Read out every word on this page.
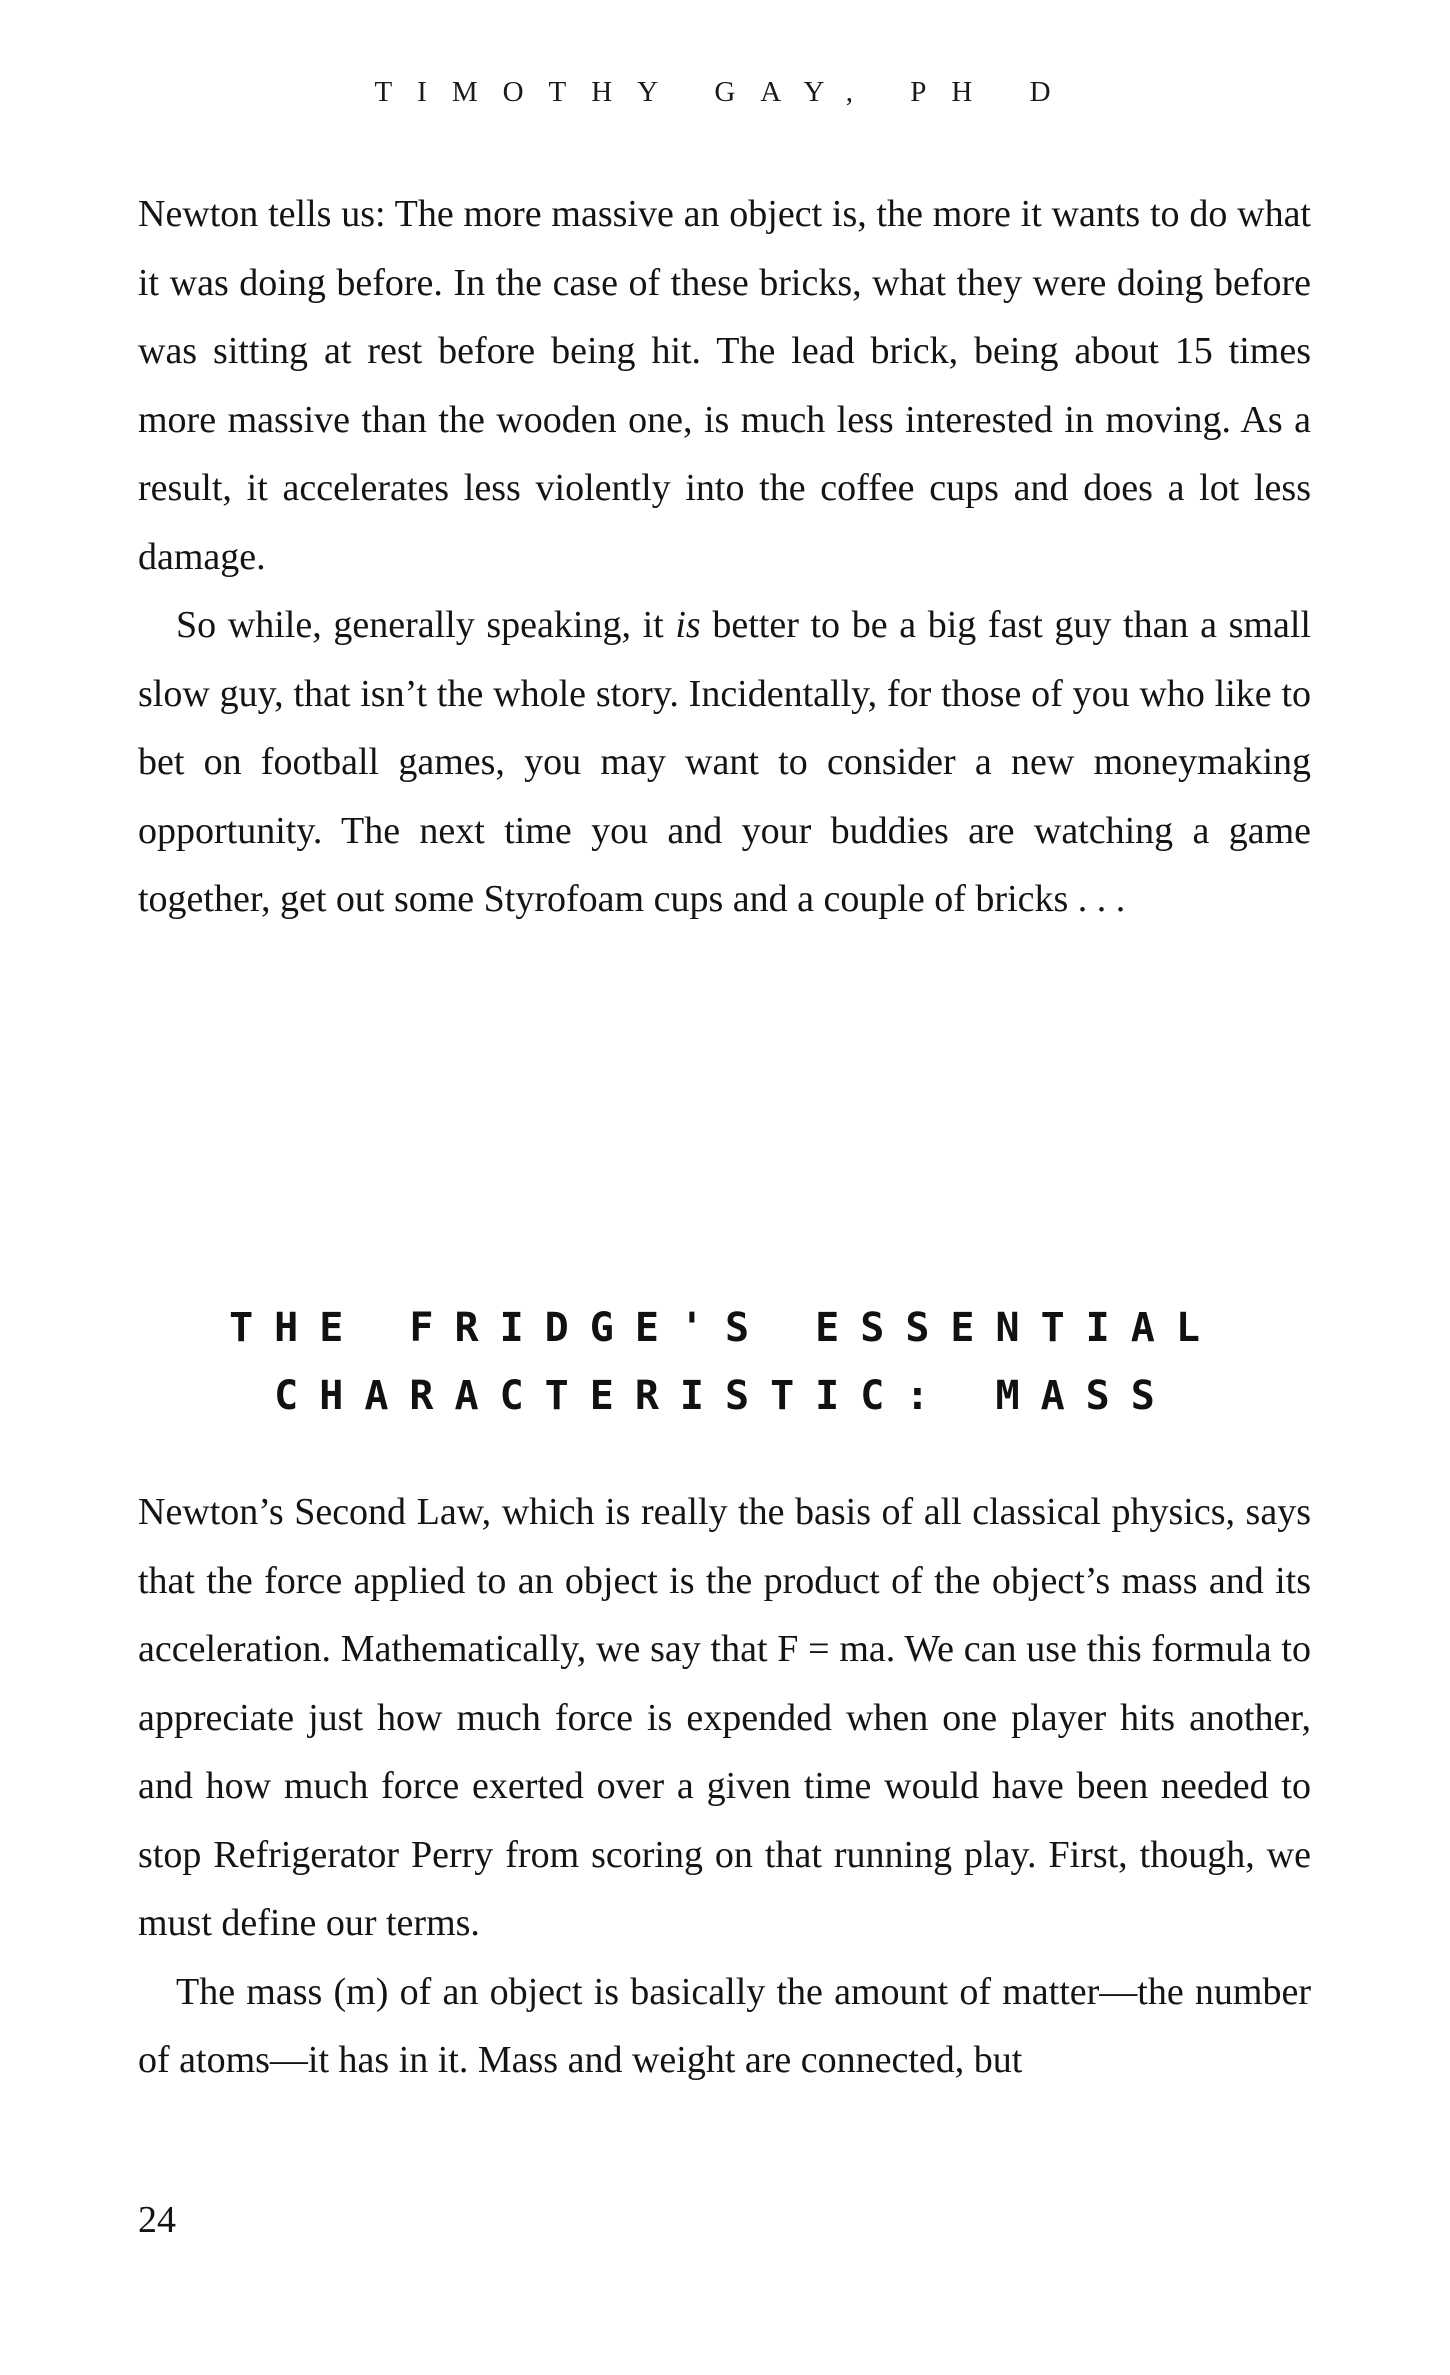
TIMOTHY GAY, PH D

Newton tells us: The more massive an object is, the more it wants to do what it was doing before. In the case of these bricks, what they were doing before was sitting at rest before being hit. The lead brick, being about 15 times more massive than the wooden one, is much less interested in moving. As a result, it accelerates less violently into the coffee cups and does a lot less damage.

So while, generally speaking, it is better to be a big fast guy than a small slow guy, that isn’t the whole story. Incidentally, for those of you who like to bet on football games, you may want to consider a new moneymaking opportunity. The next time you and your buddies are watching a game together, get out some Styrofoam cups and a couple of bricks . . .

THE FRIDGE'S ESSENTIAL
CHARACTERISTIC: MASS

Newton’s Second Law, which is really the basis of all classical physics, says that the force applied to an object is the product of the object’s mass and its acceleration. Mathematically, we say that F = ma. We can use this formula to appreciate just how much force is expended when one player hits another, and how much force exerted over a given time would have been needed to stop Refrigerator Perry from scoring on that running play. First, though, we must define our terms.

The mass (m) of an object is basically the amount of matter—the number of atoms—it has in it. Mass and weight are connected, but

24
